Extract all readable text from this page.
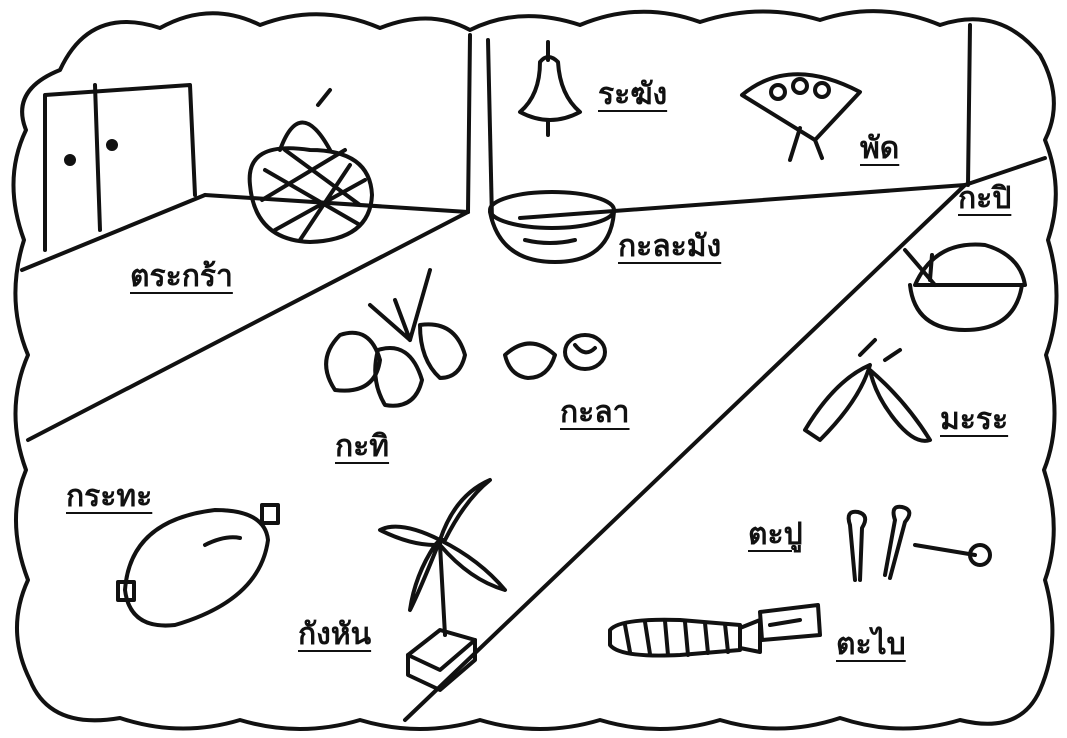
ตระกร้า
ระฆัง
พัด
กะละมัง
กะปิ
กะลา	มะระ
กะทิ
กระทะ
กังหัน
ตะปู
ตะไบ
